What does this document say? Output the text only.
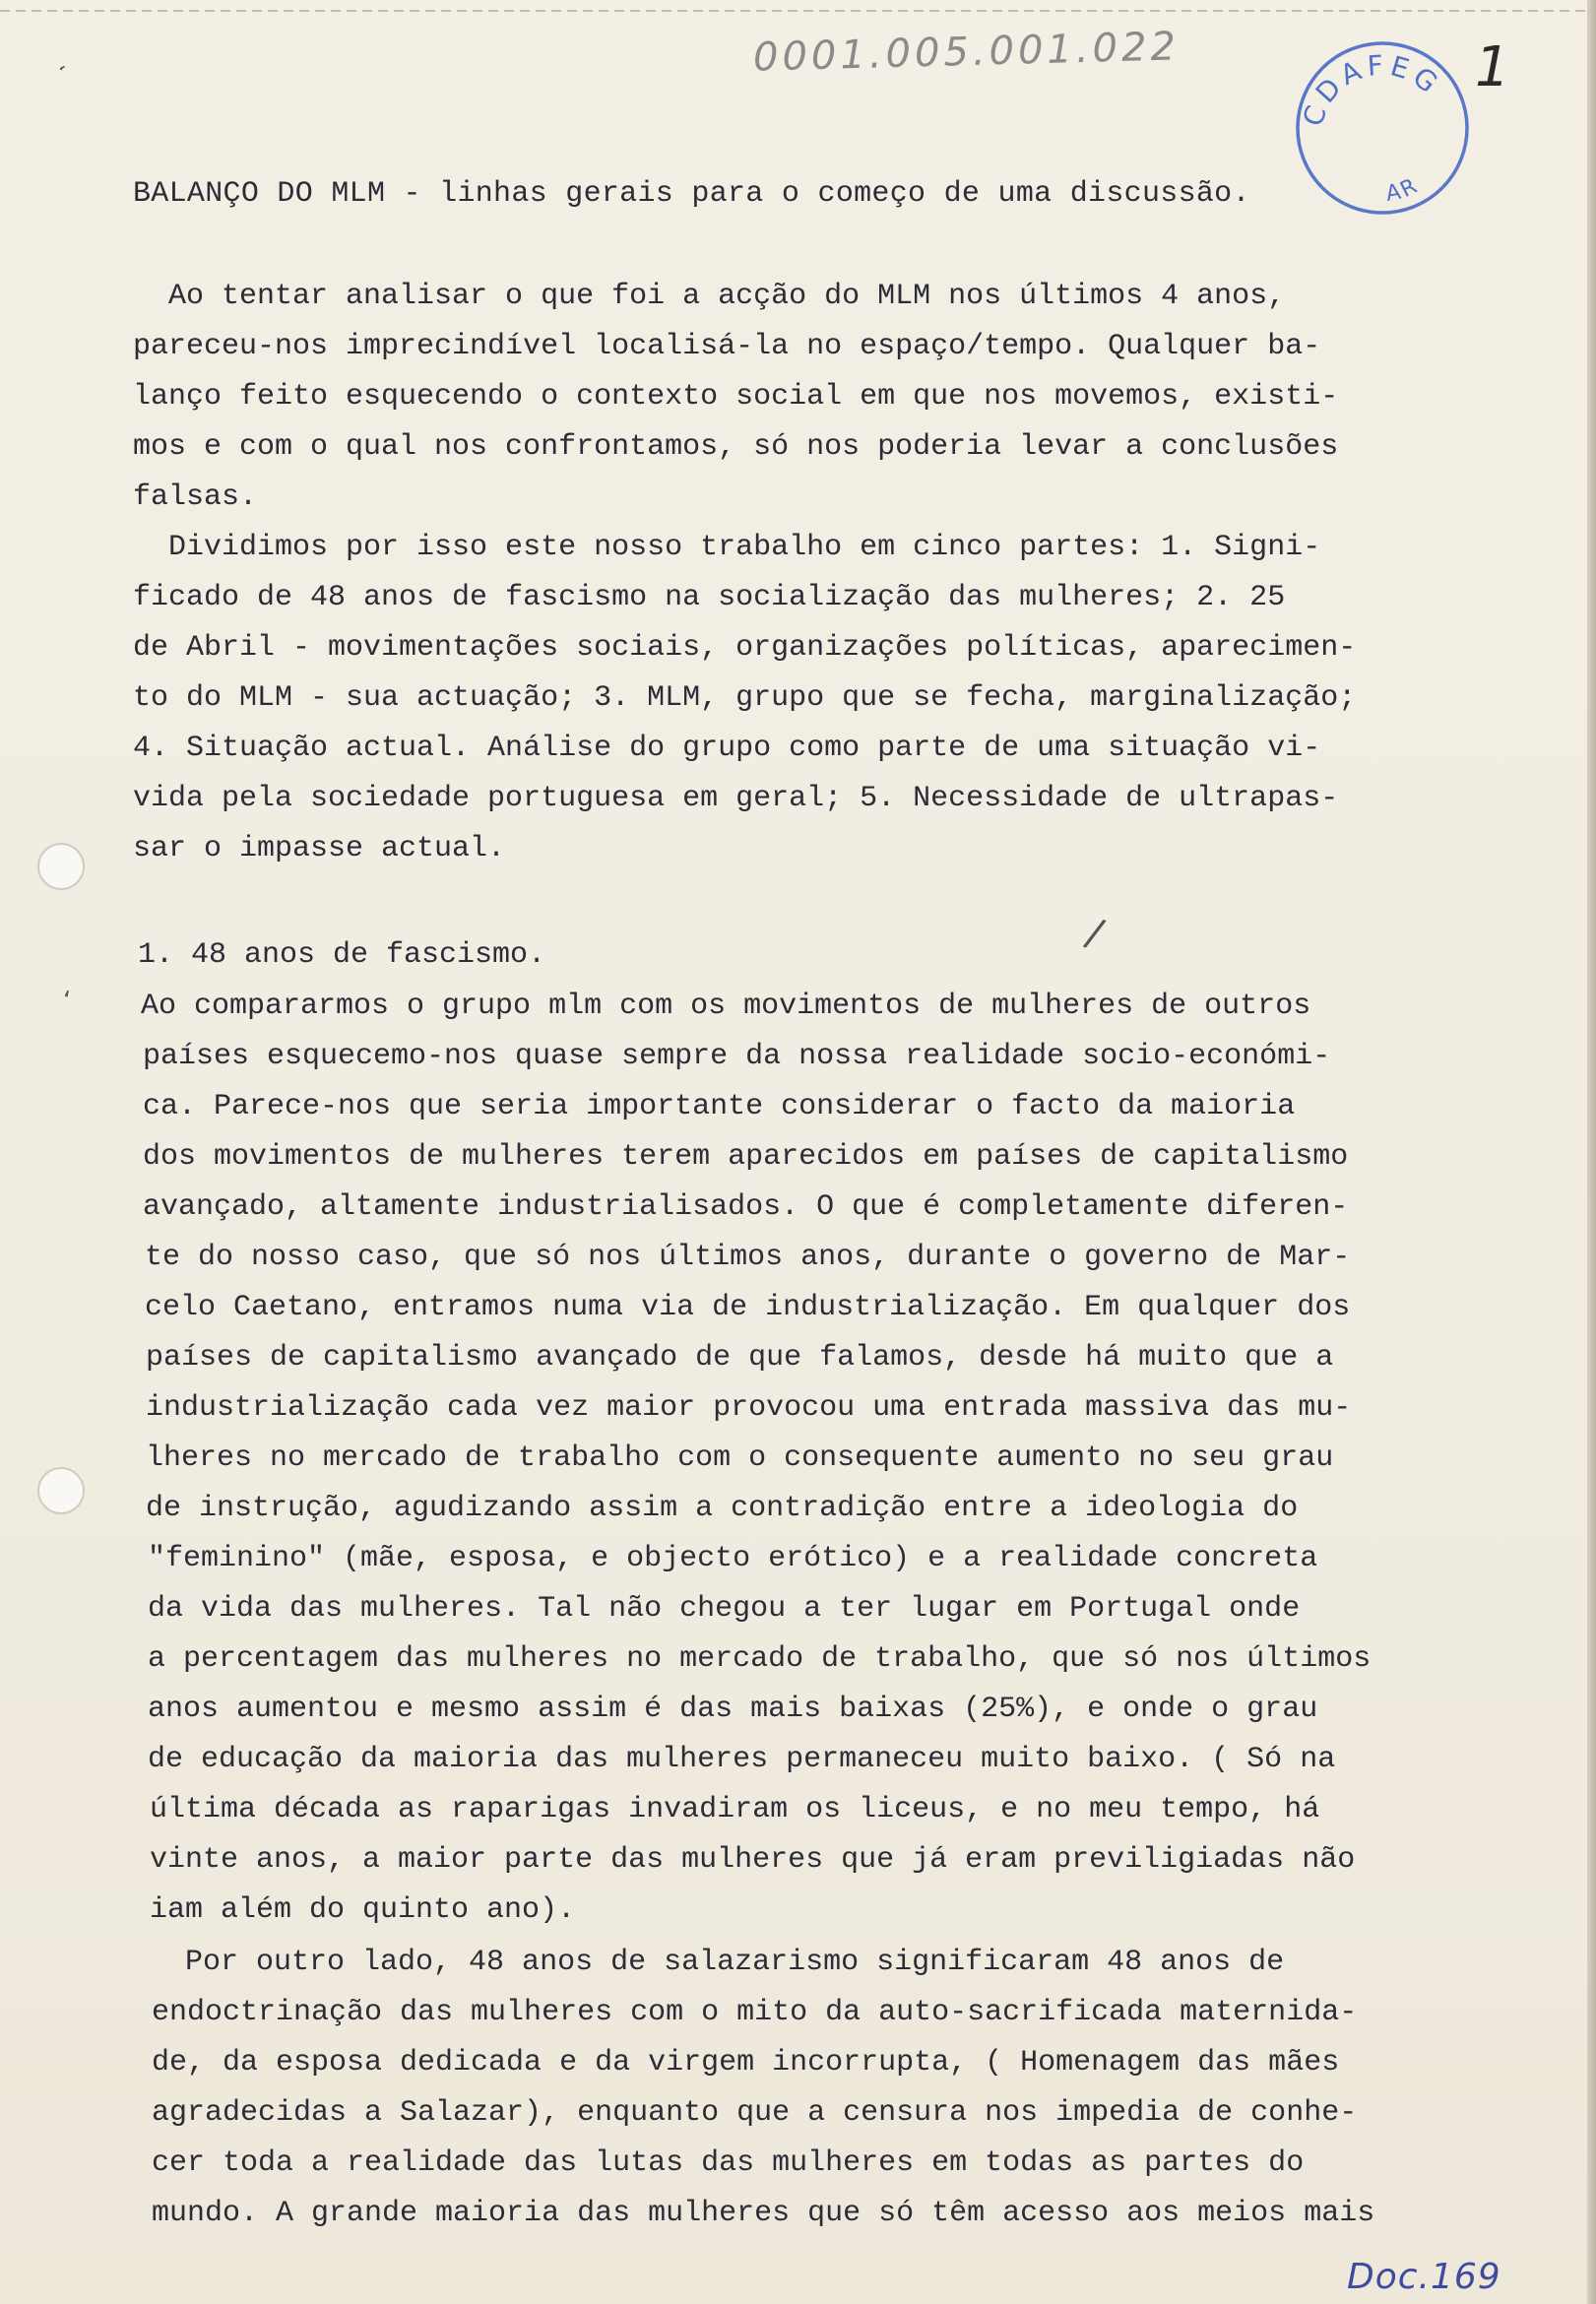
0001.005.001.022	1

CDAFEG
AR
BALANÇO DO MLM - linhas gerais para o começo de uma discussão.

Ao tentar analisar o que foi a acção do MLM nos últimos 4 anos,

pareceu-nos imprecindível localisá-la no espaço/tempo. Qualquer ba-

lanço feito esquecendo o contexto social em que nos movemos, existi-

mos e com o qual nos confrontamos, só nos poderia levar a conclusões

falsas.

Dividimos por isso este nosso trabalho em cinco partes: 1. Signi-

ficado de 48 anos de fascismo na socialização das mulheres; 2. 25

de Abril - movimentações sociais, organizações políticas, aparecimen-

to do MLM - sua actuação; 3. MLM, grupo que se fecha, marginalização;

4. Situação actual. Análise do grupo como parte de uma situação vi-

vida pela sociedade portuguesa em geral; 5. Necessidade de ultrapas-

sar o impasse actual.

1. 48 anos de fascismo.

Ao compararmos o grupo mlm com os movimentos de mulheres de outros

países esquecemo-nos quase sempre da nossa realidade socio-económi-

ca. Parece-nos que seria importante considerar o facto da maioria

dos movimentos de mulheres terem aparecidos em países de capitalismo

avançado, altamente industrialisados. O que é completamente diferen-

te do nosso caso, que só nos últimos anos, durante o governo de Mar-

celo Caetano, entramos numa via de industrialização. Em qualquer dos

países de capitalismo avançado de que falamos, desde há muito que a

industrialização cada vez maior provocou uma entrada massiva das mu-

lheres no mercado de trabalho com o consequente aumento no seu grau

de instrução, agudizando assim a contradição entre a ideologia do

"feminino" (mãe, esposa, e objecto erótico) e a realidade concreta

da vida das mulheres. Tal não chegou a ter lugar em Portugal onde

a percentagem das mulheres no mercado de trabalho, que só nos últimos

anos aumentou e mesmo assim é das mais baixas (25%), e onde o grau

de educação da maioria das mulheres permaneceu muito baixo. ( Só na

última década as raparigas invadiram os liceus, e no meu tempo, há

vinte anos, a maior parte das mulheres que já eram previligiadas não

iam além do quinto ano).

Por outro lado, 48 anos de salazarismo significaram 48 anos de

endoctrinação das mulheres com o mito da auto-sacrificada maternida-

de, da esposa dedicada e da virgem incorrupta, ( Homenagem das mães

agradecidas a Salazar), enquanto que a censura nos impedia de conhe-

cer toda a realidade das lutas das mulheres em todas as partes do

mundo. A grande maioria das mulheres que só têm acesso aos meios mais

‘
‘
/

Doc.169
